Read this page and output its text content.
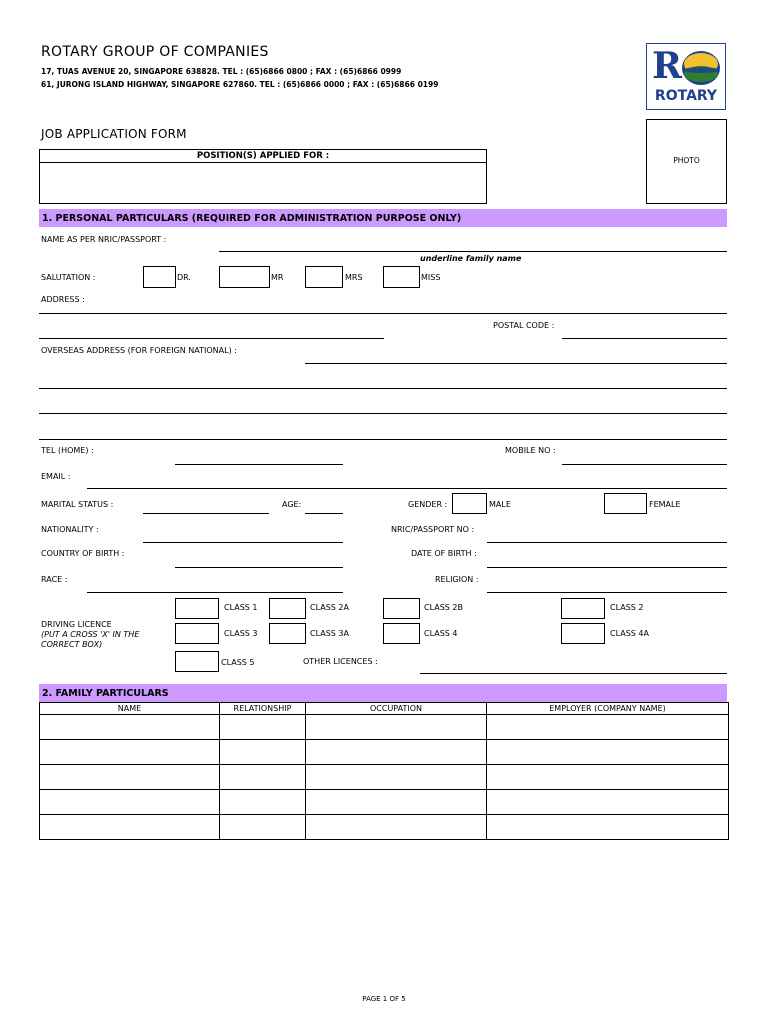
ROTARY GROUP OF COMPANIES
17, TUAS AVENUE 20, SINGAPORE 638828. TEL : (65)6866 0800 ; FAX : (65)6866 0999
61, JURONG ISLAND HIGHWAY, SINGAPORE 627860. TEL : (65)6866 0000 ; FAX : (65)6866 0199	R
ROTARY
JOB APPLICATION FORM
POSITION(S) APPLIED FOR :	PHOTO
1. PERSONAL PARTICULARS (REQUIRED FOR ADMINISTRATION PURPOSE ONLY)
NAME AS PER NRIC/PASSPORT :
underline family name
SALUTATION :	DR.	MR	MRS	MISS
ADDRESS :
POSTAL CODE :
OVERSEAS ADDRESS (FOR FOREIGN NATIONAL) :
TEL (HOME) :	MOBILE NO :
EMAIL :
MARITAL STATUS :	AGE:	GENDER :	MALE	FEMALE
NATIONALITY :	NRIC/PASSPORT NO :
COUNTRY OF BIRTH :	DATE OF BIRTH :
RACE :	RELIGION :
DRIVING LICENCE
(PUT A CROSS 'X' IN THE
CORRECT BOX)
CLASS 1	CLASS 2A	CLASS 2B	CLASS 2
CLASS 3	CLASS 3A	CLASS 4	CLASS 4A
CLASS 5	OTHER LICENCES :
2. FAMILY PARTICULARS
NAME	RELATIONSHIP	OCCUPATION	EMPLOYER (COMPANY NAME)

PAGE 1 OF 5
